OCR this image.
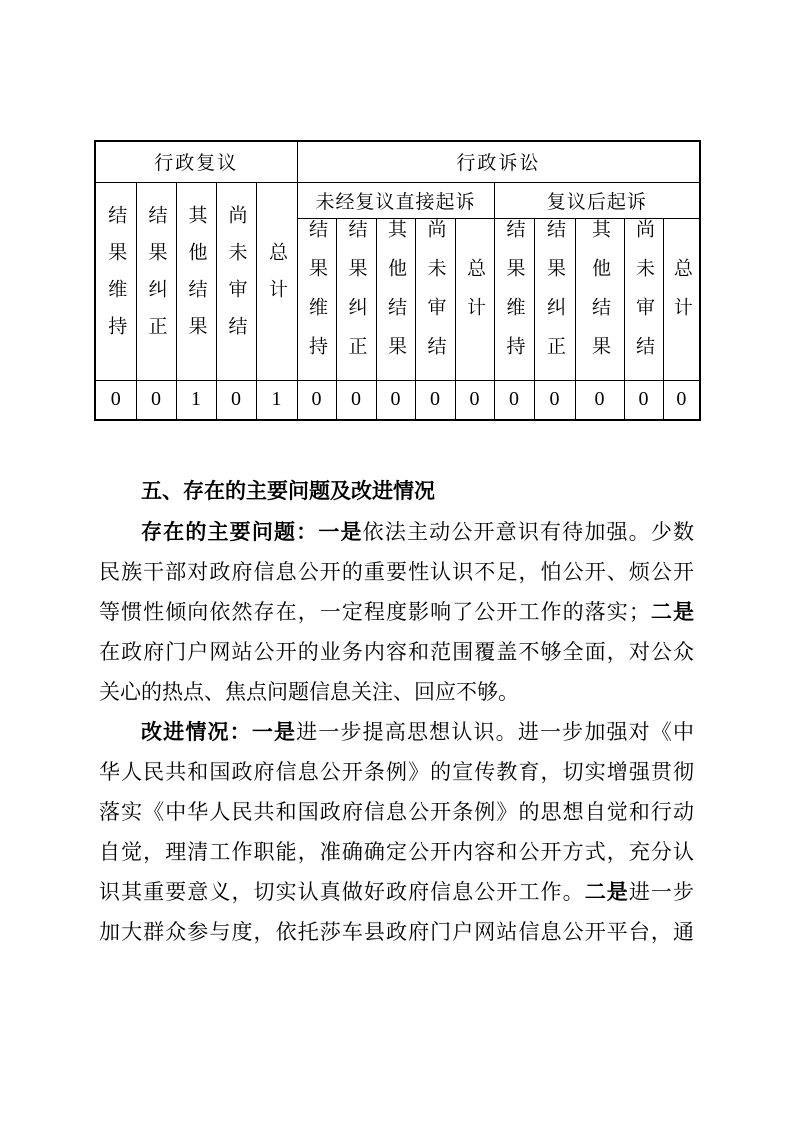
行政复议					行政诉讼									
结果维持	结果纠正	其他结果	尚未审结	总计	未经复议直接起诉					复议后起诉				
					结果维持	结果纠正	其他结果	尚未审结	总计	结果维持	结果纠正	其他结果	尚未审结	总计
0	0	1	0	1	0	0	0	0	0	0	0	0	0	0
五、存在的主要问题及改进情况
存在的主要问题：一是依法主动公开意识有待加强。少数
民族干部对政府信息公开的重要性认识不足，怕公开、烦公开
等惯性倾向依然存在，一定程度影响了公开工作的落实；二是
在政府门户网站公开的业务内容和范围覆盖不够全面，对公众
关心的热点、焦点问题信息关注、回应不够。
改进情况：一是进一步提高思想认识。进一步加强对《中
华人民共和国政府信息公开条例》的宣传教育，切实增强贯彻
落实《中华人民共和国政府信息公开条例》的思想自觉和行动
自觉，理清工作职能，准确确定公开内容和公开方式，充分认
识其重要意义，切实认真做好政府信息公开工作。二是进一步
加大群众参与度，依托莎车县政府门户网站信息公开平台，通
